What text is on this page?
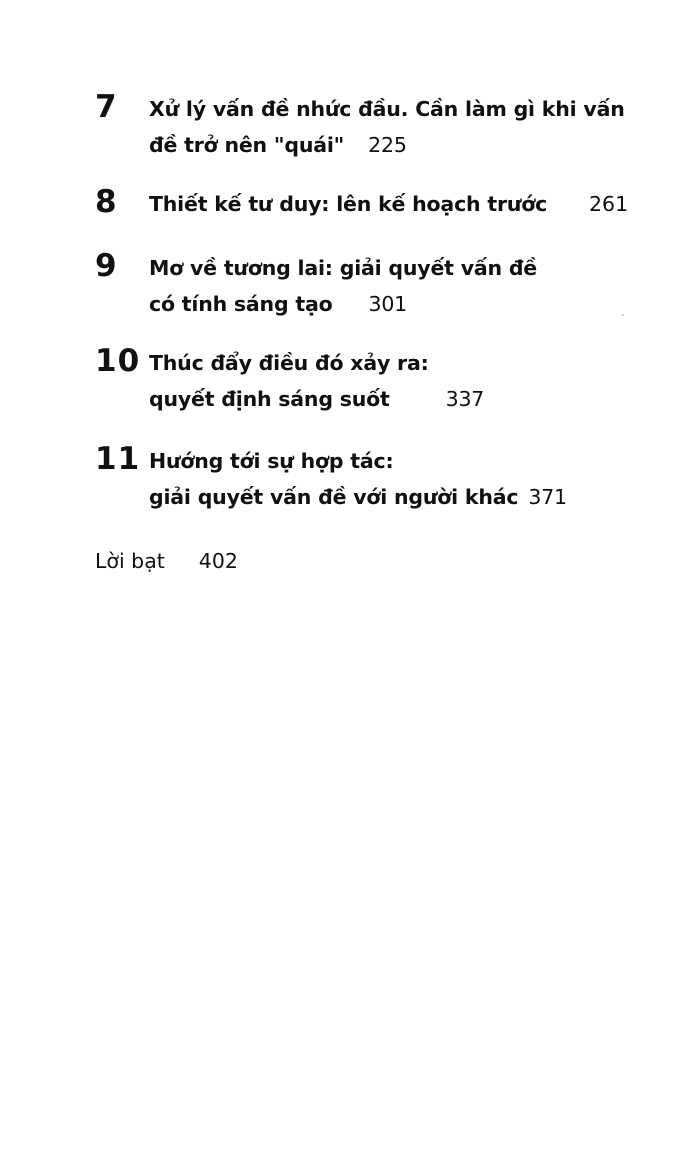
7 Xử lý vấn đề nhức đầu. Cần làm gì khi vấn
đề trở nên "quái" 225
8 Thiết kế tư duy: lên kế hoạch trước	261
9 Mơ về tương lai: giải quyết vấn đề
có tính sáng tạo 301
10 Thúc đẩy điều đó xảy ra:
quyết định sáng suốt	337
11 Hướng tới sự hợp tác:
giải quyết vấn đề với người khác 371
Lời bạt 402
